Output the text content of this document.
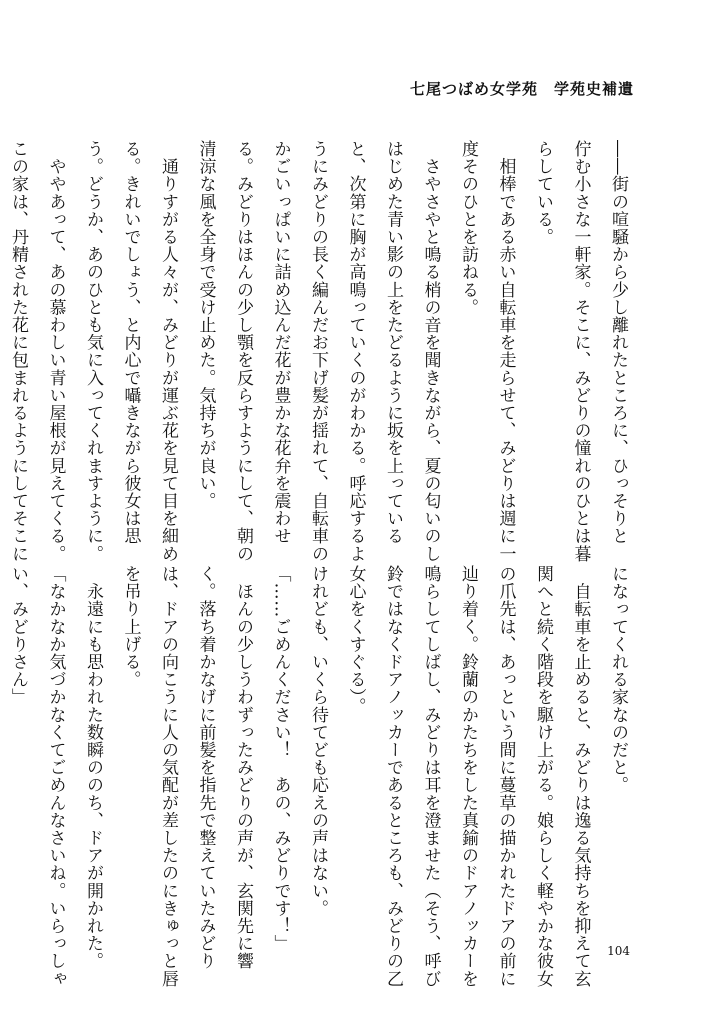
七尾つばめ女学苑　学苑史補遺
――街の喧騒から少し離れたところに、ひっそりと
佇む小さな一軒家。そこに、みどりの憧れのひとは暮
らしている。
　相棒である赤い自転車を走らせて、みどりは週に一
度そのひとを訪ねる。
　さやさやと鳴る梢の音を聞きながら、夏の匂いのし
はじめた青い影の上をたどるように坂を上っている
と、次第に胸が高鳴っていくのがわかる。呼応するよ
うにみどりの長く編んだお下げ髪が揺れて、自転車の
かごいっぱいに詰め込んだ花が豊かな花弁を震わせ
る。みどりはほんの少し顎を反らすようにして、朝の
清涼な風を全身で受け止めた。気持ちが良い。
　通りすがる人々が、みどりが運ぶ花を見て目を細め
る。きれいでしょう、と内心で囁きながら彼女は思
う。どうか、あのひとも気に入ってくれますように。
　ややあって、あの慕わしい青い屋根が見えてくる。
この家は、丹精された花に包まれるようにしてそこに
になってくれる家なのだと。
　自転車を止めると、みどりは逸る気持ちを抑えて玄
関へと続く階段を駆け上がる。娘らしく軽やかな彼女
の爪先は、あっという間に蔓草の描かれたドアの前に
辿り着く。鈴蘭のかたちをした真鍮のドアノッカーを
鳴らしてしばし、みどりは耳を澄ませた（そう、呼び
鈴ではなくドアノッカーであるところも、みどりの乙
女心をくすぐる）。
けれども、いくら待てども応えの声はない。
「……ごめんください！　あの、みどりです！」
　ほんの少しうわずったみどりの声が、玄関先に響
く。落ち着かなげに前髪を指先で整えていたみどり
は、ドアの向こうに人の気配が差したのにきゅっと唇
を吊り上げる。
　永遠にも思われた数瞬ののち、ドアが開かれた。
「なかなか気づかなくてごめんなさいね。いらっしゃ
い、みどりさん」
104
